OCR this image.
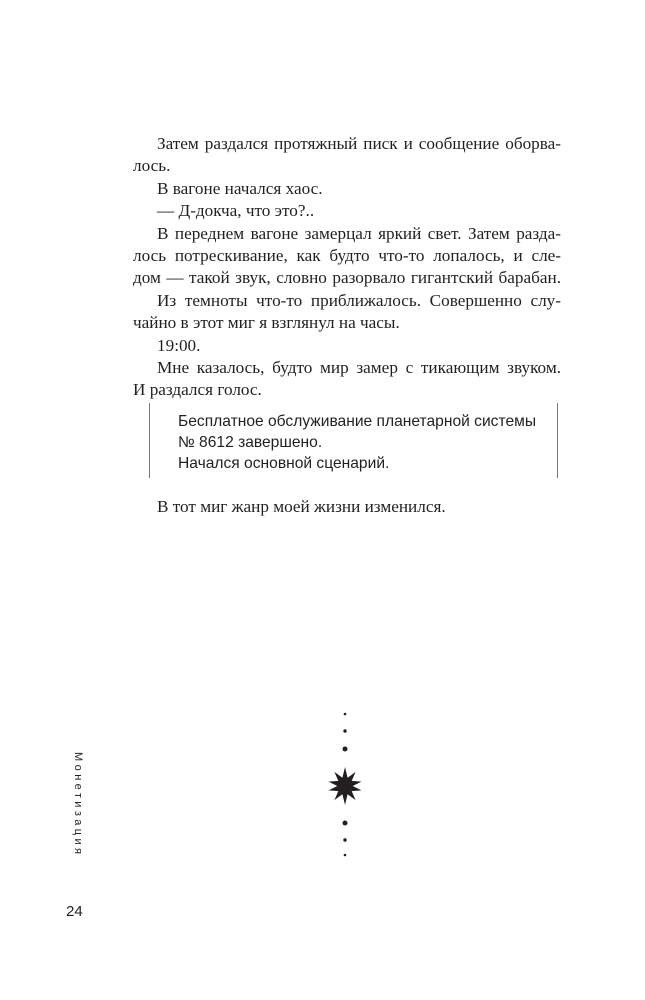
Затем раздался протяжный писк и сообщение оборва-
лось.

В вагоне начался хаос.

— Д-докча, что это?..

В переднем вагоне замерцал яркий свет. Затем разда-
лось потрескивание, как будто что-то лопалось, и сле-
дом — такой звук, словно разорвало гигантский барабан.

Из темноты что-то приближалось. Совершенно слу-
чайно в этот миг я взглянул на часы.

19:00.

Мне казалось, будто мир замер с тикающим звуком.
И раздался голос.

Бесплатное обслуживание планетарной системы
№ 8612 завершено.
Начался основной сценарий.
В тот миг жанр моей жизни изменился.
Монетизация
24
